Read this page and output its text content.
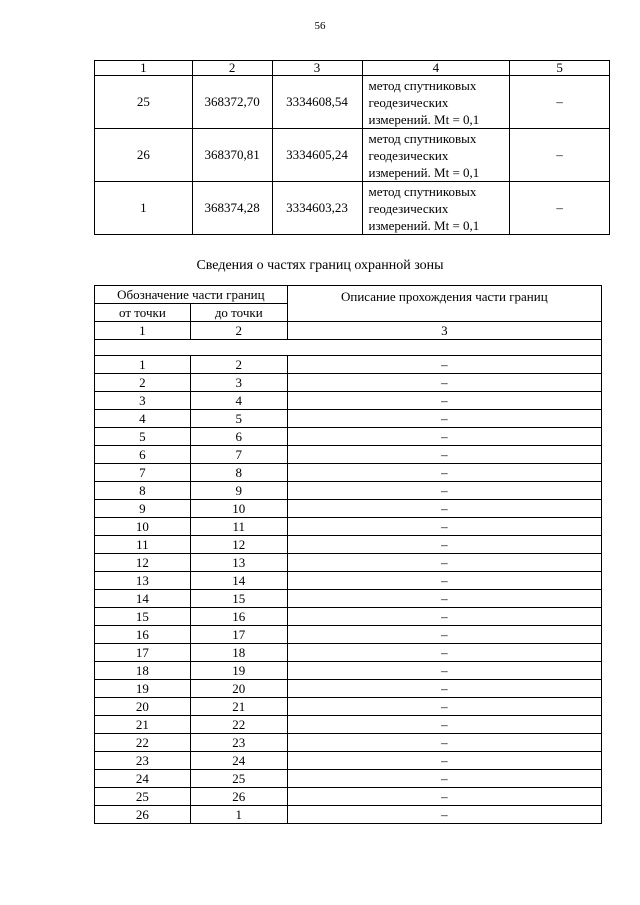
56
1	2	3	4	5
25	368372,70	3334608,54	метод спутниковых
геодезических
измерений. Mt = 0,1	–
26	368370,81	3334605,24	метод спутниковых
геодезических
измерений. Mt = 0,1	–
1	368374,28	3334603,23	метод спутниковых
геодезических
измерений. Mt = 0,1	–
Сведения о частях границ охранной зоны
Обозначение части границ		Описание прохождения части границ
от точки	до точки	
1	2	3

1	2	–
2	3	–
3	4	–
4	5	–
5	6	–
6	7	–
7	8	–
8	9	–
9	10	–
10	11	–
11	12	–
12	13	–
13	14	–
14	15	–
15	16	–
16	17	–
17	18	–
18	19	–
19	20	–
20	21	–
21	22	–
22	23	–
23	24	–
24	25	–
25	26	–
26	1	–
